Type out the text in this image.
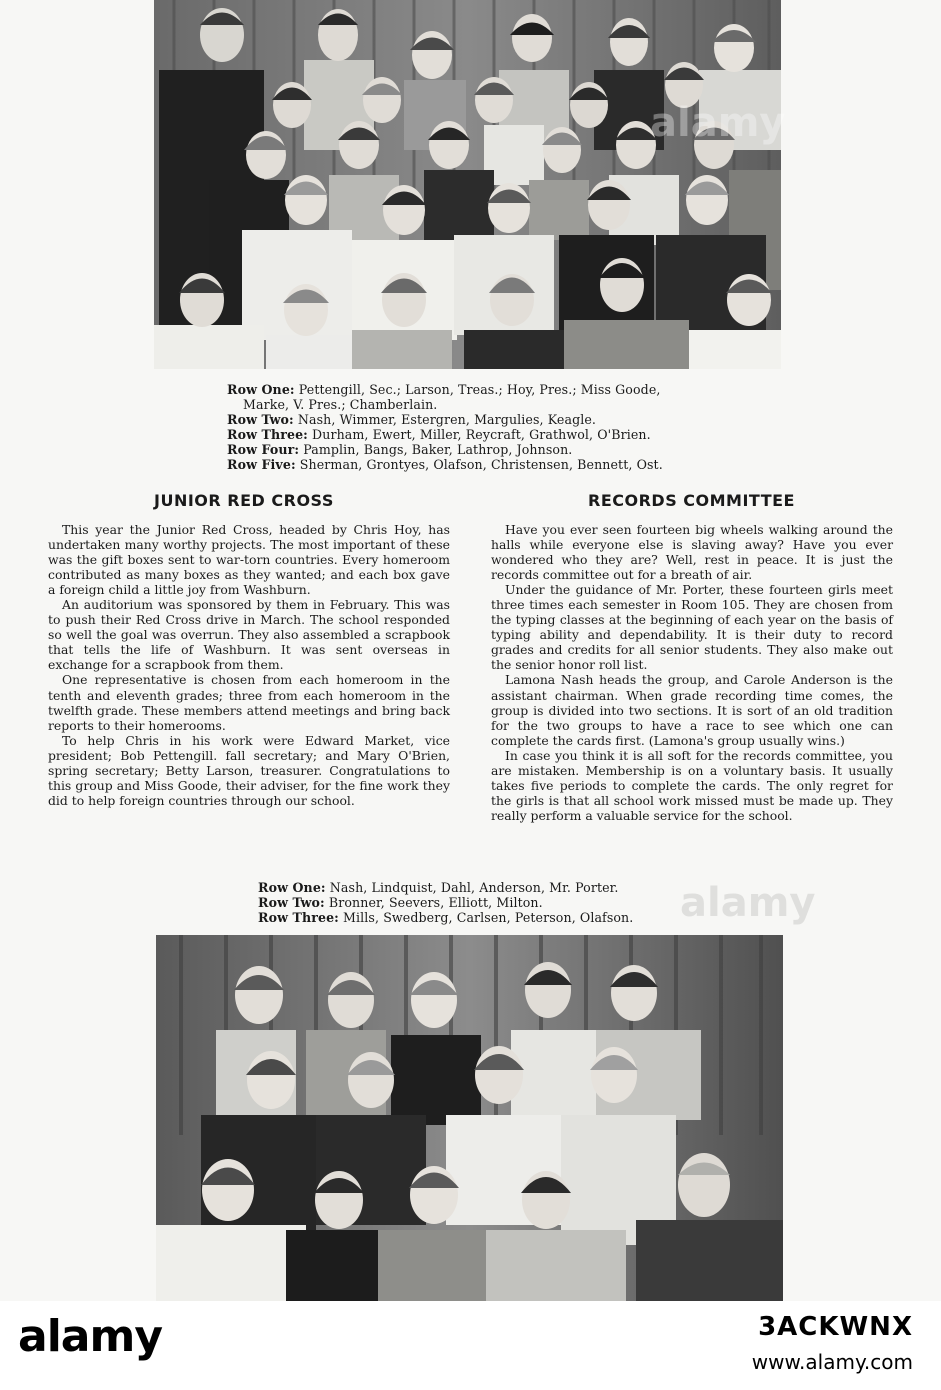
alamy
Row One: Pettengill, Sec.; Larson, Treas.; Hoy, Pres.; Miss Goode,
Marke, V. Pres.; Chamberlain.
Row Two: Nash, Wimmer, Estergren, Margulies, Keagle.
Row Three: Durham, Ewert, Miller, Reycraft, Grathwol, O'Brien.
Row Four: Pamplin, Bangs, Baker, Lathrop, Johnson.
Row Five: Sherman, Grontyes, Olafson, Christensen, Bennett, Ost.
JUNIOR RED CROSS	RECORDS COMMITTEE

This year the Junior Red Cross, headed by Chris Hoy, has undertaken many worthy projects. The most important of these was the gift boxes sent to war-torn countries. Every homeroom contributed as many boxes as they wanted; and each box gave a foreign child a little joy from Washburn.

An auditorium was sponsored by them in February. This was to push their Red Cross drive in March. The school responded so well the goal was overrun. They also assembled a scrapbook that tells the life of Washburn. It was sent overseas in exchange for a scrapbook from them.

One representative is chosen from each homeroom in the tenth and eleventh grades; three from each homeroom in the twelfth grade. These members attend meetings and bring back reports to their homerooms.

To help Chris in his work were Edward Market, vice president; Bob Pettengill. fall secretary; and Mary O'Brien, spring secretary; Betty Larson, treasurer. Congratulations to this group and Miss Goode, their adviser, for the fine work they did to help foreign countries through our school.

Have you ever seen fourteen big wheels walking around the halls while everyone else is slaving away? Have you ever wondered who they are? Well, rest in peace. It is just the records committee out for a breath of air.

Under the guidance of Mr. Porter, these fourteen girls meet three times each semester in Room 105. They are chosen from the typing classes at the beginning of each year on the basis of typing ability and dependability. It is their duty to record grades and credits for all senior students. They also make out the senior honor roll list.

Lamona Nash heads the group, and Carole Anderson is the assistant chairman. When grade recording time comes, the group is divided into two sections. It is sort of an old tradition for the two groups to have a race to see which one can complete the cards first. (Lamona's group usually wins.)

In case you think it is all soft for the records committee, you are mistaken. Membership is on a voluntary basis. It usually takes five periods to complete the cards. The only regret for the girls is that all school work missed must be made up. They really perform a valuable service for the school.

Row One: Nash, Lindquist, Dahl, Anderson, Mr. Porter.
Row Two: Bronner, Seevers, Elliott, Milton.
Row Three: Mills, Swedberg, Carlsen, Peterson, Olafson. alamy
alamy	3ACKWNX
www.alamy.com
